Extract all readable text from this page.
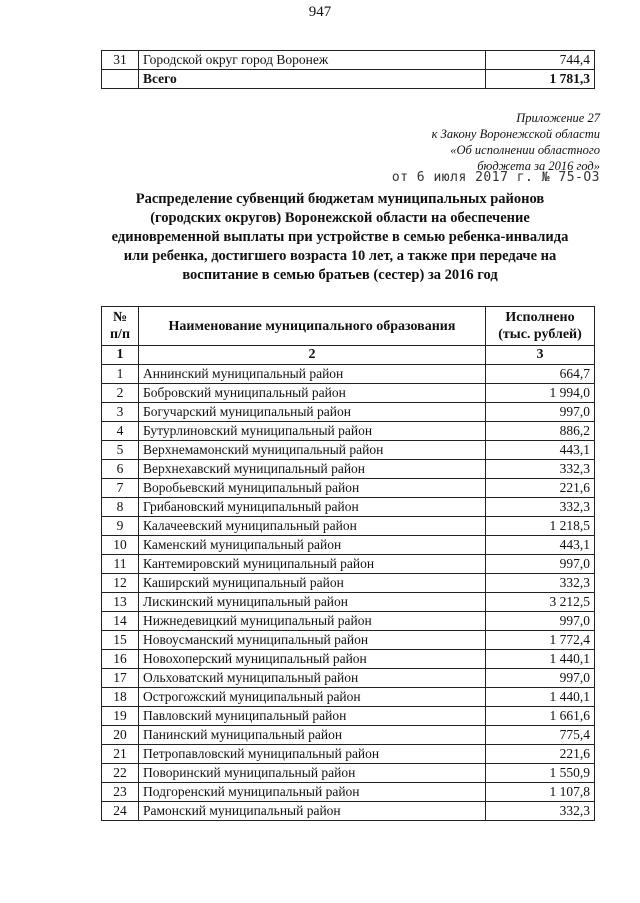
947
31	Городской округ город Воронеж	744,4
	Всего	1 781,3
Приложение 27
к Закону Воронежской области
«Об исполнении областного
бюджета за 2016 год»
от 6 июля 2017 г. № 75-ОЗ
Распределение субвенций бюджетам муниципальных районов (городских округов) Воронежской области на обеспечение единовременной выплаты при устройстве в семью ребенка-инвалида или ребенка, достигшего возраста 10 лет, а также при передаче на воспитание в семью братьев (сестер) за 2016 год
№ п/п	Наименование муниципального образования	Исполнено (тыс. рублей)
1	2	3
1	Аннинский муниципальный район	664,7
2	Бобровский муниципальный район	1 994,0
3	Богучарский муниципальный район	997,0
4	Бутурлиновский муниципальный район	886,2
5	Верхнемамонский муниципальный район	443,1
6	Верхнехавский муниципальный район	332,3
7	Воробьевский муниципальный район	221,6
8	Грибановский муниципальный район	332,3
9	Калачеевский муниципальный район	1 218,5
10	Каменский муниципальный район	443,1
11	Кантемировский муниципальный район	997,0
12	Каширский муниципальный район	332,3
13	Лискинский муниципальный район	3 212,5
14	Нижнедевицкий муниципальный район	997,0
15	Новоусманский муниципальный район	1 772,4
16	Новохоперский муниципальный район	1 440,1
17	Ольховатский муниципальный район	997,0
18	Острогожский муниципальный район	1 440,1
19	Павловский муниципальный район	1 661,6
20	Панинский муниципальный район	775,4
21	Петропавловский муниципальный район	221,6
22	Поворинский муниципальный район	1 550,9
23	Подгоренский муниципальный район	1 107,8
24	Рамонский муниципальный район	332,3
